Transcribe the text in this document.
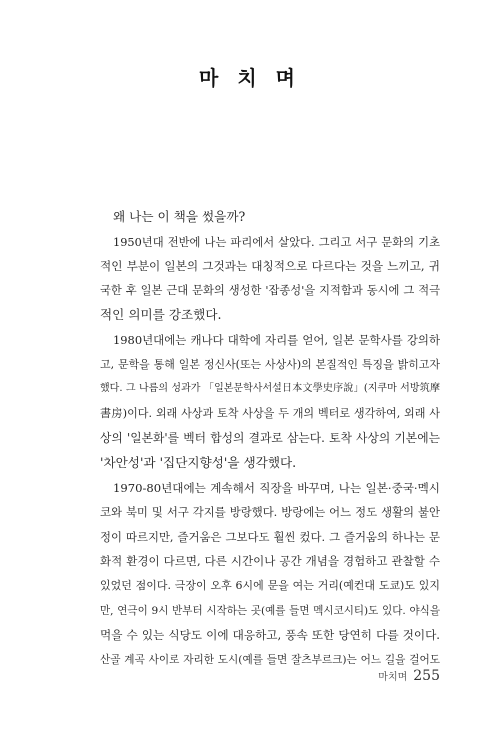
마 치 며
왜 나는 이 책을 썼을까?
1950년대 전반에 나는 파리에서 살았다. 그리고 서구 문화의 기초
적인 부분이 일본의 그것과는 대칭적으로 다르다는 것을 느끼고, 귀
국한 후 일본 근대 문화의 생성한 '잡종성'을 지적함과 동시에 그 적극
적인 의미를 강조했다.
1980년대에는 캐나다 대학에 자리를 얻어, 일본 문학사를 강의하
고, 문학을 통해 일본 정신사(또는 사상사)의 본질적인 특징을 밝히고자
했다. 그 나름의 성과가 「일본문학사서설日本文學史序說」(지쿠마 서방筑摩
書房)이다. 외래 사상과 토착 사상을 두 개의 벡터로 생각하여, 외래 사
상의 '일본화'를 벡터 합성의 결과로 삼는다. 토착 사상의 기본에는
'차안성'과 '집단지향성'을 생각했다.
1970-80년대에는 계속해서 직장을 바꾸며, 나는 일본·중국·멕시
코와 북미 및 서구 각지를 방랑했다. 방랑에는 어느 정도 생활의 불안
정이 따르지만, 즐거움은 그보다도 훨씬 컸다. 그 즐거움의 하나는 문
화적 환경이 다르면, 다른 시간이나 공간 개념을 경험하고 관찰할 수
있었던 점이다. 극장이 오후 6시에 문을 여는 거리(예컨대 도쿄)도 있지
만, 연극이 9시 반부터 시작하는 곳(예를 들면 멕시코시티)도 있다. 야식을
먹을 수 있는 식당도 이에 대응하고, 풍속 또한 당연히 다를 것이다.
산골 계곡 사이로 자리한 도시(예를 들면 잘츠부르크)는 어느 길을 걸어도
마치며 255
